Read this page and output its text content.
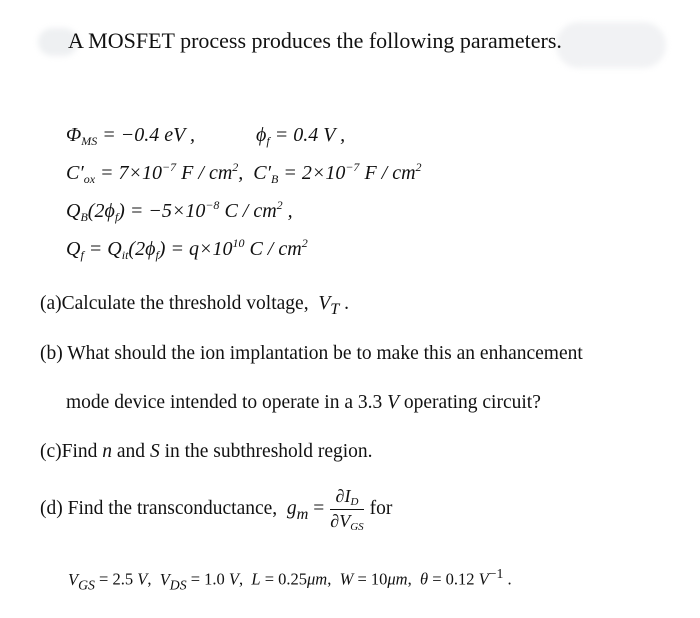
A MOSFET process produces the following parameters.
$\Phi_{MS} = -0.4$ eV ,	$\phi_f = 0.4$ V ,
$C'_{ox} = 7\times 10^{-7}$ F / $cm^2$,  $C'_B = 2\times 10^{-7}$ F / $cm^2$
$Q_B(2\phi_f) = -5\times 10^{-8}$ C / $cm^2$ ,
$Q_f = Q_{it}(2\phi_f) = q\times 10^{10}$ C / $cm^2$
(a)Calculate the threshold voltage,  $V_T$ .
(b) What should the ion implantation be to make this an enhancement
mode device intended to operate in a 3.3 V operating circuit?
(c)Find n and S in the subthreshold region.
(d) Find the transconductance,  $g_m = \frac{\partial I_D}{\partial V_{GS}}$ for
$V_{GS} = 2.5$ V,  $V_{DS} = 1.0$ V,  L = 0.25μm,  W = 10μm,  θ = 0.12 $V^{-1}$ .
